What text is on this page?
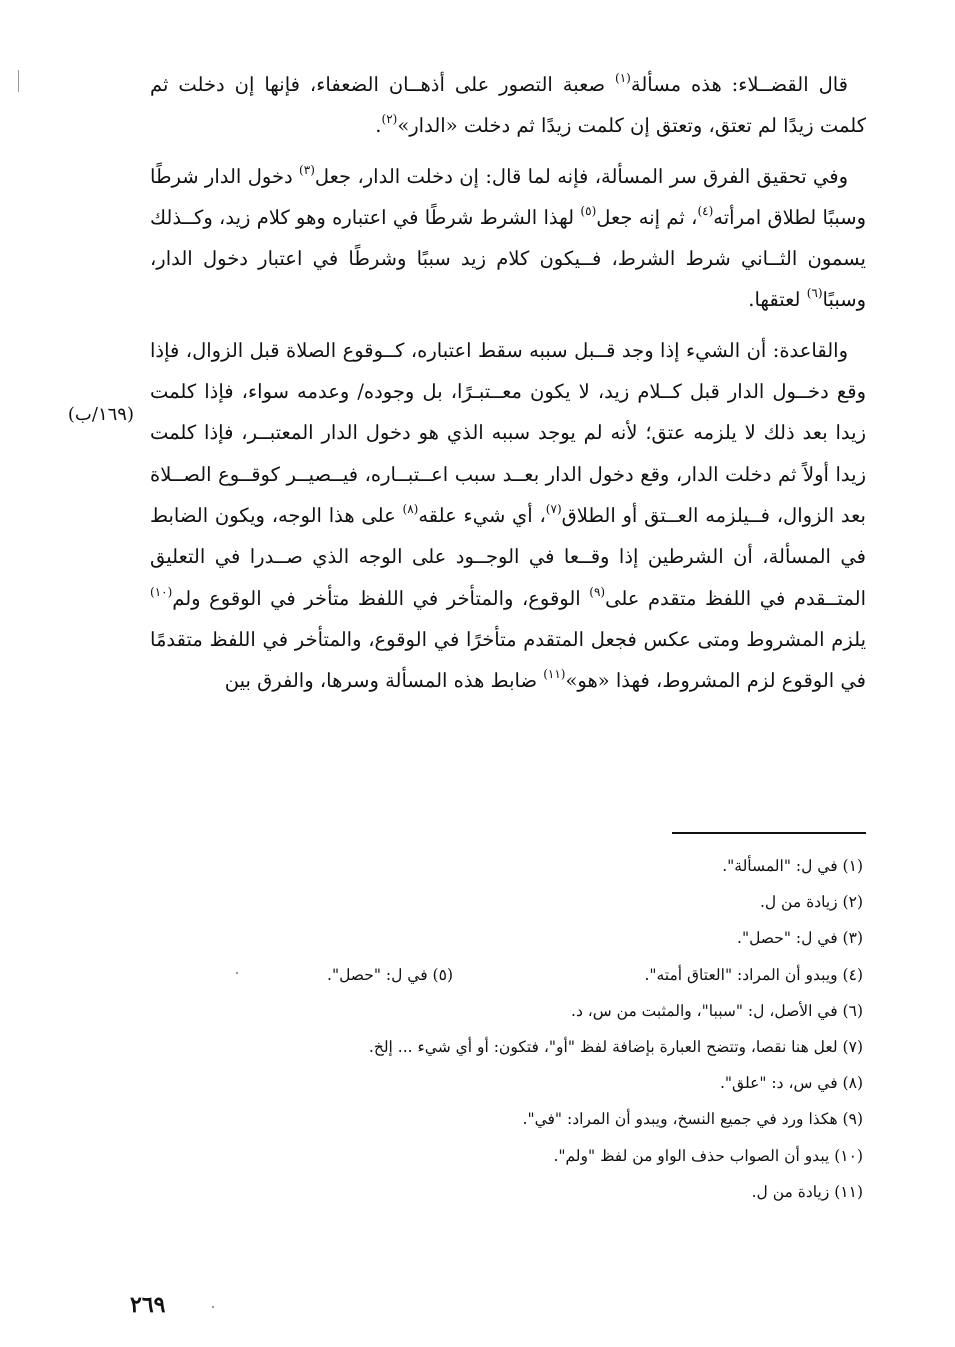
قال القضــلاء: هذه مسألة$^{(١)}$ صعبة التصور على أذهــان الضعفاء، فإنها إن دخلت ثم كلمت زيدًا لم تعتق، وتعتق إن كلمت زيدًا ثم دخلت «الدار»$^{(٢)}$.

وفي تحقيق الفرق سر المسألة، فإنه لما قال: إن دخلت الدار، جعل$^{(٣)}$ دخول الدار شرطًا وسببًا لطلاق امرأته$^{(٤)}$، ثم إنه جعل$^{(٥)}$ لهذا الشرط شرطًا في اعتباره وهو كلام زيد، وكــذلك يسمون الثــاني شرط الشرط، فــيكون كلام زيد سببًا وشرطًا في اعتبار دخول الدار، وسببًا$^{(٦)}$ لعتقها.

والقاعدة: أن الشيء إذا وجد قــبل سببه سقط اعتباره، كــوقوع الصلاة قبل الزوال، فإذا وقع دخــول الدار قبل كــلام زيد، لا يكون معــتبـرًا، بل وجوده/ وعدمه سواء، فإذا كلمت زيدا بعد ذلك لا يلزمه عتق؛ لأنه لم يوجد سببه الذي هو دخول الدار المعتبــر، فإذا كلمت زيدا أولاً ثم دخلت الدار، وقع دخول الدار بعــد سبب اعــتبــاره، فيــصيــر كوقــوع الصــلاة بعد الزوال، فــيلزمه العــتق أو الطلاق$^{(٧)}$، أي شيء علقه$^{(٨)}$ على هذا الوجه، ويكون الضابط في المسألة، أن الشرطين إذا وقــعا في الوجــود على الوجه الذي صــدرا في التعليق المتــقدم في اللفظ متقدم على$^{(٩)}$ الوقوع، والمتأخر في اللفظ متأخر في الوقوع ولم$^{(١٠)}$ يلزم المشروط ومتى عكس فجعل المتقدم متأخرًا في الوقوع، والمتأخر في اللفظ متقدمًا في الوقوع لزم المشروط، فهذا «هو»$^{(١١)}$ ضابط هذه المسألة وسرها، والفرق بين

(١٦٩/ب)
(١) في ل: "المسألة".
(٢) زيادة من ل.
(٣) في ل: "حصل".
(٤) ويبدو أن المراد: "العتاق أمته".
(٥) في ل: "حصل".
(٦) في الأصل، ل: "سببا"، والمثبت من س، د.
(٧) لعل هنا نقصا، وتتضح العبارة بإضافة لفظ "أو"، فتكون: أو أي شيء ... إلخ.
(٨) في س، د: "علق".
(٩) هكذا ورد في جميع النسخ، ويبدو أن المراد: "في".
(١٠) يبدو أن الصواب حذف الواو من لفظ "ولم".
(١١) زيادة من ل.
٢٦٩
